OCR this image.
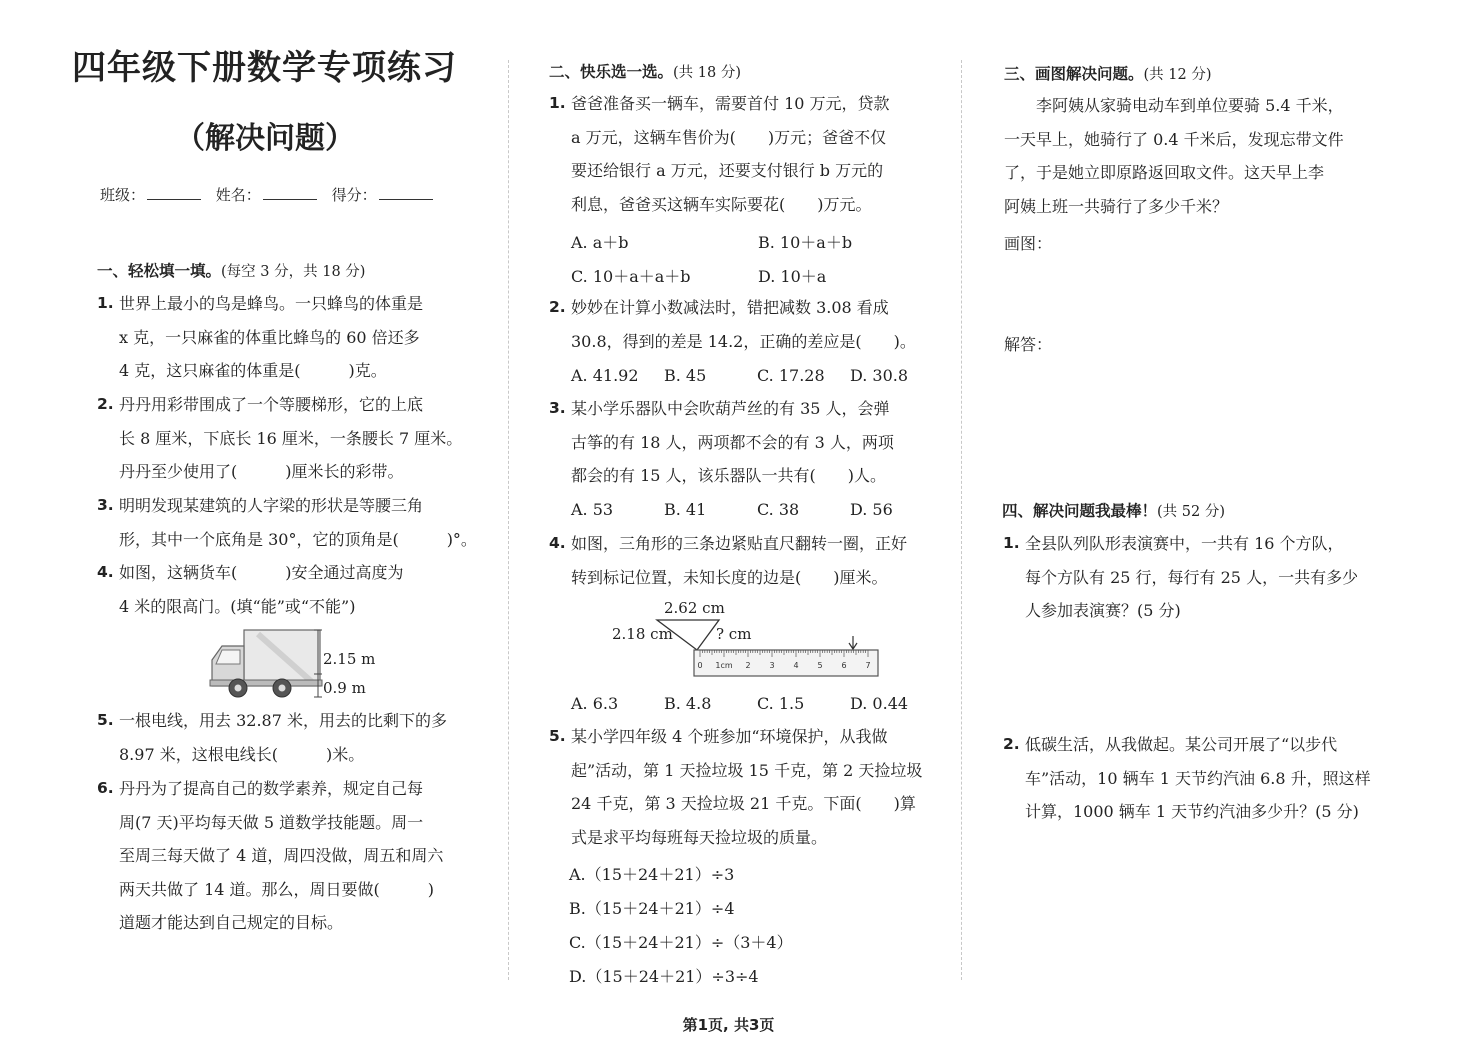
四年级下册数学专项练习
（解决问题）
班级：	姓名：	得分：
一、轻松填一填。(每空 3 分，共 18 分)
1. 世界上最小的鸟是蜂鸟。一只蜂鸟的体重是

x 克，一只麻雀的体重比蜂鸟的 60 倍还多

4 克，这只麻雀的体重是(　　　)克。

2. 丹丹用彩带围成了一个等腰梯形，它的上底

长 8 厘米，下底长 16 厘米，一条腰长 7 厘米。

丹丹至少使用了(　　　)厘米长的彩带。

3. 明明发现某建筑的人字梁的形状是等腰三角

形，其中一个底角是 30°，它的顶角是(　　　)°。

4. 如图，这辆货车(　　　)安全通过高度为

4 米的限高门。(填“能”或“不能”)

2.15 m
0.9 m
5. 一根电线，用去 32.87 米，用去的比剩下的多

8.97 米，这根电线长(　　　)米。

6. 丹丹为了提高自己的数学素养，规定自己每

周(7 天)平均每天做 5 道数学技能题。周一

至周三每天做了 4 道，周四没做，周五和周六

两天共做了 14 道。那么，周日要做(　　　)

道题才能达到自己规定的目标。

二、快乐选一选。(共 18 分)
1. 爸爸准备买一辆车，需要首付 10 万元，贷款

a 万元，这辆车售价为(　　)万元；爸爸不仅

要还给银行 a 万元，还要支付银行 b 万元的

利息，爸爸买这辆车实际要花(　　)万元。

A. a＋b	B. 10＋a＋b
C. 10＋a＋a＋b	D. 10＋a
2. 妙妙在计算小数减法时，错把减数 3.08 看成

30.8，得到的差是 14.2，正确的差应是(　　)。

A. 41.92 B. 45	C. 17.28 D. 30.8
3. 某小学乐器队中会吹葫芦丝的有 35 人，会弹

古筝的有 18 人，两项都不会的有 3 人，两项

都会的有 15 人，该乐器队一共有(　　)人。

A. 53	B. 41	C. 38	D. 56
4. 如图，三角形的三条边紧贴直尺翻转一圈，正好

转到标记位置，未知长度的边是(　　)厘米。

2.62 cm
2.18 cm	? cm
0 1cm 2 3 4 5 6 7
A. 6.3	B. 4.8	C. 1.5	D. 0.44
5. 某小学四年级 4 个班参加“环境保护，从我做

起”活动，第 1 天捡垃圾 15 千克，第 2 天捡垃圾

24 千克，第 3 天捡垃圾 21 千克。下面(　　)算

式是求平均每班每天捡垃圾的质量。

A.（15＋24＋21）÷3
B.（15＋24＋21）÷4
C.（15＋24＋21）÷（3＋4）
D.（15＋24＋21）÷3÷4
三、画图解决问题。(共 12 分)

李阿姨从家骑电动车到单位要骑 5.4 千米，

一天早上，她骑行了 0.4 千米后，发现忘带文件

了，于是她立即原路返回取文件。这天早上李

阿姨上班一共骑行了多少千米？

画图：
解答：
四、解决问题我最棒！(共 52 分)
1. 全县队列队形表演赛中，一共有 16 个方队，

每个方队有 25 行，每行有 25 人，一共有多少

人参加表演赛？(5 分)

2. 低碳生活，从我做起。某公司开展了“以步代

车”活动，10 辆车 1 天节约汽油 6.8 升，照这样

计算，1000 辆车 1 天节约汽油多少升？(5 分)

第1页, 共3页
